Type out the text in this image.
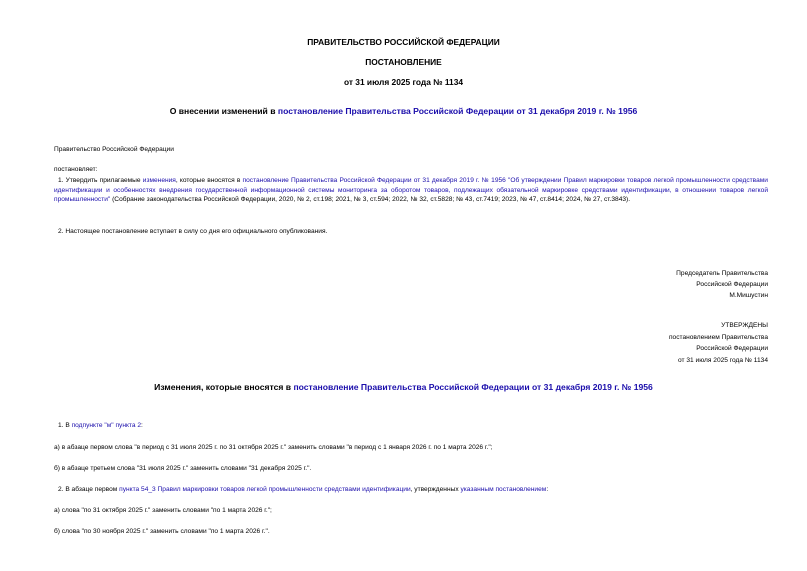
ПРАВИТЕЛЬСТВО РОССИЙСКОЙ ФЕДЕРАЦИИ
ПОСТАНОВЛЕНИЕ
от 31 июля 2025 года № 1134
О внесении изменений в постановление Правительства Российской Федерации от 31 декабря 2019 г. № 1956
Правительство Российской Федерации
постановляет:
1. Утвердить прилагаемые изменения, которые вносятся в постановление Правительства Российской Федерации от 31 декабря 2019 г. № 1956 "Об утверждении Правил маркировки товаров легкой промышленности средствами идентификации и особенностях внедрения государственной информационной системы мониторинга за оборотом товаров, подлежащих обязательной маркировке средствами идентификации, в отношении товаров легкой промышленности" (Собрание законодательства Российской Федерации, 2020, № 2, ст.198; 2021, № 3, ст.594; 2022, № 32, ст.5828; № 43, ст.7419; 2023, № 47, ст.8414; 2024, № 27, ст.3843).
2. Настоящее постановление вступает в силу со дня его официального опубликования.
Председатель Правительства
Российской Федерации
М.Мишустин
УТВЕРЖДЕНЫ
постановлением Правительства
Российской Федерации
от 31 июля 2025 года № 1134
Изменения, которые вносятся в постановление Правительства Российской Федерации от 31 декабря 2019 г. № 1956
1. В подпункте "м" пункта 2:
а) в абзаце первом слова "в период с 31 июля 2025 г. по 31 октября 2025 г." заменить словами "в период с 1 января 2026 г. по 1 марта 2026 г.";
б) в абзаце третьем слова "31 июля 2025 г." заменить словами "31 декабря 2025 г.".
2. В абзаце первом пункта 54_3 Правил маркировки товаров легкой промышленности средствами идентификации, утвержденных указанным постановлением:
а) слова "по 31 октября 2025 г." заменить словами "по 1 марта 2026 г.";
б) слова "по 30 ноября 2025 г." заменить словами "по 1 марта 2026 г.".
